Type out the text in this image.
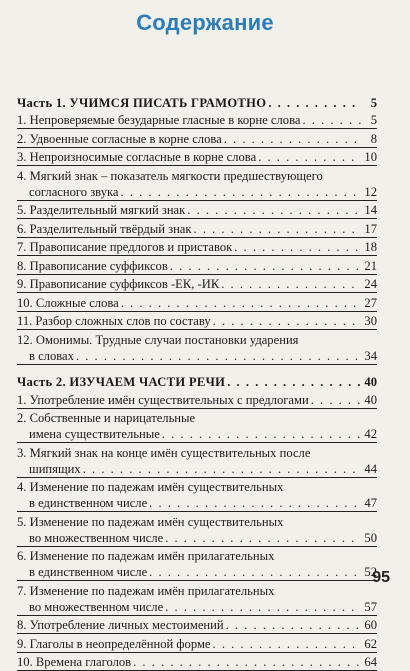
Содержание
Часть 1. УЧИМСЯ ПИСАТЬ ГРАМОТНО . . .	5
1. Непроверяемые безударные гласные в корне слова . . .	5
2. Удвоенные согласные в корне слова . . .	8
3. Непроизносимые согласные в корне слова . . .	10
4. Мягкий знак – показатель мягкости предшествующего
согласного звука . . .	12
5. Разделительный мягкий знак . . .	14
6. Разделительный твёрдый знак . . .	17
7. Правописание предлогов и приставок . . .	18
8. Правописание суффиксов . . .	21
9. Правописание суффиксов -ЕК, -ИК . . .	24
10. Сложные слова . . .	27
11. Разбор сложных слов по составу . . .	30
12. Омонимы. Трудные случаи постановки ударения
в словах . . .	34
Часть 2. ИЗУЧАЕМ ЧАСТИ РЕЧИ . . .	40
1. Употребление имён существительных с предлогами . . .	40
2. Собственные и нарицательные
имена существительные . . .	42
3. Мягкий знак на конце имён существительных после
шипящих . . .	44
4. Изменение по падежам имён существительных
в единственном числе . . .	47
5. Изменение по падежам имён существительных
во множественном числе . . .	50
6. Изменение по падежам имён прилагательных
в единственном числе . . .	52
7. Изменение по падежам имён прилагательных
во множественном числе . . .	57
8. Употребление личных местоимений . . .	60
9. Глаголы в неопределённой форме . . .	62
10. Времена глаголов . . .	64
95
